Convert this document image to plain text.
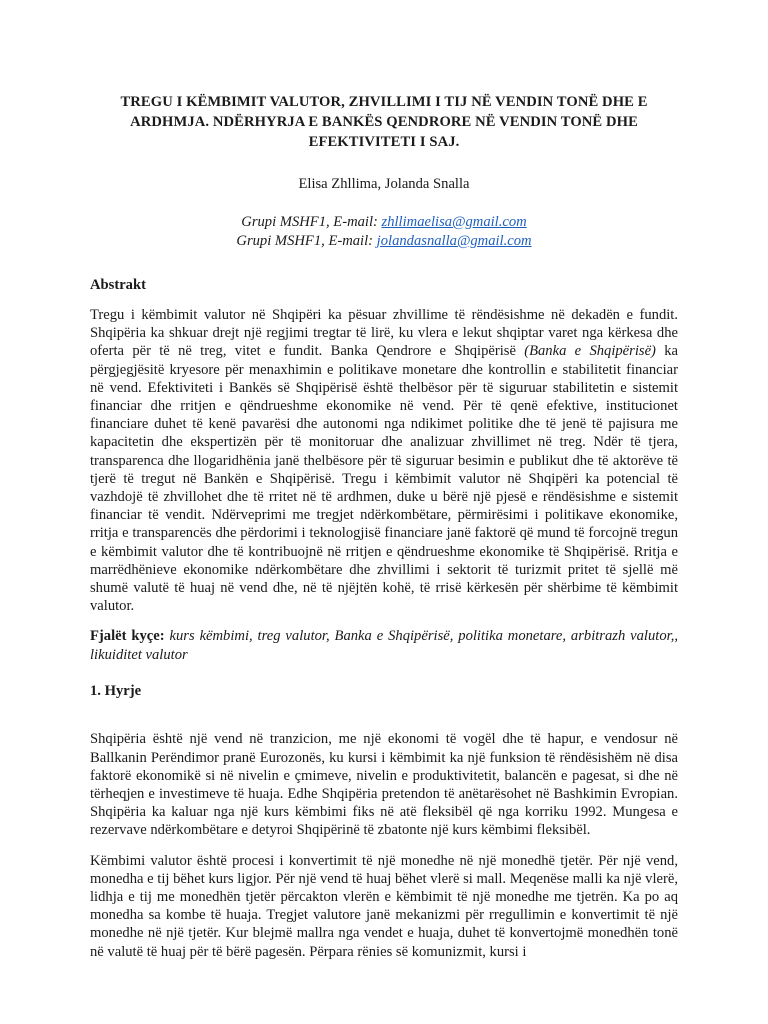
TREGU I KËMBIMIT VALUTOR, ZHVILLIMI I TIJ NË VENDIN TONË DHE E ARDHMJA. NDËRHYRJA E BANKËS QENDRORE NË VENDIN TONË DHE EFEKTIVITETI I SAJ.
Elisa Zhllima, Jolanda Snalla
Grupi MSHF1, E-mail: zhllimaelisa@gmail.com
Grupi MSHF1, E-mail: jolandasnalla@gmail.com
Abstrakt
Tregu i këmbimit valutor në Shqipëri ka pësuar zhvillime të rëndësishme në dekadën e fundit. Shqipëria ka shkuar drejt një regjimi tregtar të lirë, ku vlera e lekut shqiptar varet nga kërkesa dhe oferta për të në treg, vitet e fundit. Banka Qendrore e Shqipërisë (Banka e Shqipërisë) ka përgjegjësitë kryesore për menaxhimin e politikave monetare dhe kontrollin e stabilitetit financiar në vend. Efektiviteti i Bankës së Shqipërisë është thelbësor për të siguruar stabilitetin e sistemit financiar dhe rritjen e qëndrueshme ekonomike në vend. Për të qenë efektive, institucionet financiare duhet të kenë pavarësi dhe autonomi nga ndikimet politike dhe të jenë të pajisura me kapacitetin dhe ekspertizën për të monitoruar dhe analizuar zhvillimet në treg. Ndër të tjera, transparenca dhe llogaridhënia janë thelbësore për të siguruar besimin e publikut dhe të aktorëve të tjerë të tregut në Bankën e Shqipërisë. Tregu i këmbimit valutor në Shqipëri ka potencial të vazhdojë të zhvillohet dhe të rritet në të ardhmen, duke u bërë një pjesë e rëndësishme e sistemit financiar të vendit. Ndërveprimi me tregjet ndërkombëtare, përmirësimi i politikave ekonomike, rritja e transparencës dhe përdorimi i teknologjisë financiare janë faktorë që mund të forcojnë tregun e këmbimit valutor dhe të kontribuojnë në rritjen e qëndrueshme ekonomike të Shqipërisë. Rritja e marrëdhënieve ekonomike ndërkombëtare dhe zhvillimi i sektorit të turizmit pritet të sjellë më shumë valutë të huaj në vend dhe, në të njëjtën kohë, të rrisë kërkesën për shërbime të këmbimit valutor.
Fjalët kyçe: kurs këmbimi, treg valutor, Banka e Shqipërisë, politika monetare, arbitrazh valutor,, likuiditet valutor
1. Hyrje
Shqipëria është një vend në tranzicion, me një ekonomi të vogël dhe të hapur, e vendosur në Ballkanin Perëndimor pranë Eurozonës, ku kursi i këmbimit ka një funksion të rëndësishëm në disa faktorë ekonomikë si në nivelin e çmimeve, nivelin e produktivitetit, balancën e pagesat, si dhe në tërheqjen e investimeve të huaja. Edhe Shqipëria pretendon të anëtarësohet në Bashkimin Evropian. Shqipëria ka kaluar nga një kurs këmbimi fiks në atë fleksibël që nga korriku 1992. Mungesa e rezervave ndërkombëtare e detyroi Shqipërinë të zbatonte një kurs këmbimi fleksibël.
Këmbimi valutor është procesi i konvertimit të një monedhe në një monedhë tjetër. Për një vend, monedha e tij bëhet kurs ligjor. Për një vend të huaj bëhet vlerë si mall. Meqenëse malli ka një vlerë, lidhja e tij me monedhën tjetër përcakton vlerën e këmbimit të një monedhe me tjetrën. Ka po aq monedha sa kombe të huaja. Tregjet valutore janë mekanizmi për rregullimin e konvertimit të një monedhe në një tjetër. Kur blejmë mallra nga vendet e huaja, duhet të konvertojmë monedhën tonë në valutë të huaj për të bërë pagesën. Përpara rënies së komunizmit, kursi i
